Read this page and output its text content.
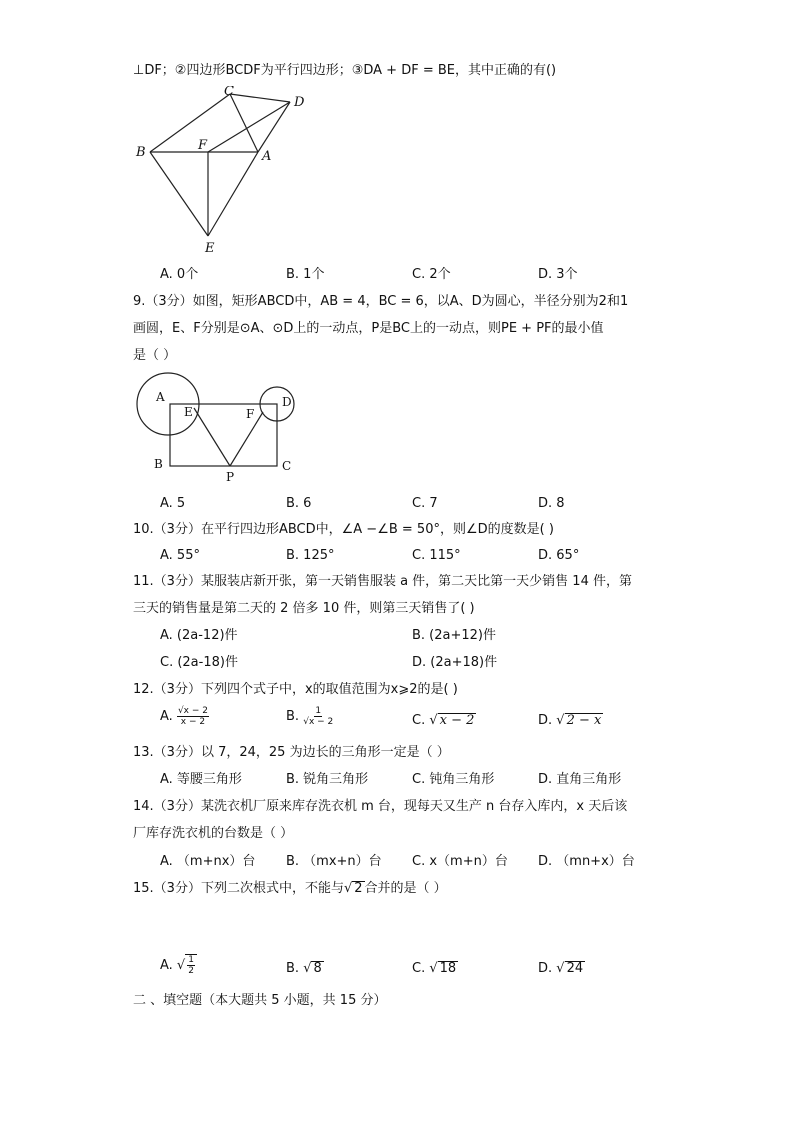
⊥DF；②四边形BCDF为平行四边形；③DA + DF = BE，其中正确的有()
C
D
B	F
A
E
A. 0个	B. 1个	C. 2个	D. 3个
9.（3分）如图，矩形ABCD中，AB = 4，BC = 6，以A、D为圆心，半径分别为2和1
画圆，E、F分别是⊙A、⊙D上的一动点，P是BC上的一动点，则PE + PF的最小值
是（ ）
A
E	F
D
B
P
C
A. 5	B. 6	C. 7	D. 8
10.（3分）在平行四边形ABCD中，∠A −∠B = 50°，则∠D的度数是( )
A. 55°	B. 125°	C. 115°	D. 65°
11.（3分）某服装店新开张，第一天销售服装 a 件，第二天比第一天少销售 14 件，第
三天的销售量是第二天的 2 倍多 10 件，则第三天销售了( )
A. (2a-12)件	B. (2a+12)件
C. (2a-18)件	D. (2a+18)件
12.（3分）下列四个式子中，x的取值范围为x⩾2的是( )
A. $\frac{√x - 2}{x - 2}$	B. $\frac{1}{√x - 2}$	C. √ x − 2	D. √ 2 − x
13.（3分）以 7，24，25 为边长的三角形一定是（ ）
A. 等腰三角形	B. 锐角三角形	C. 钝角三角形	D. 直角三角形
14.（3分）某洗衣机厂原来库存洗衣机 m 台，现每天又生产 n 台存入库内，x 天后该
厂库存洗衣机的台数是（ ）
A. （m+nx）台 B. （mx+n）台 C. x（m+n）台 D. （mn+x）台
15.（3分）下列二次根式中，不能与√ 2 合并的是（ ）
A. √ $\frac{1}{2}$	B. √ 8	C. √ 18	D. √ 24
二 、填空题（本大题共 5 小题，共 15 分）
